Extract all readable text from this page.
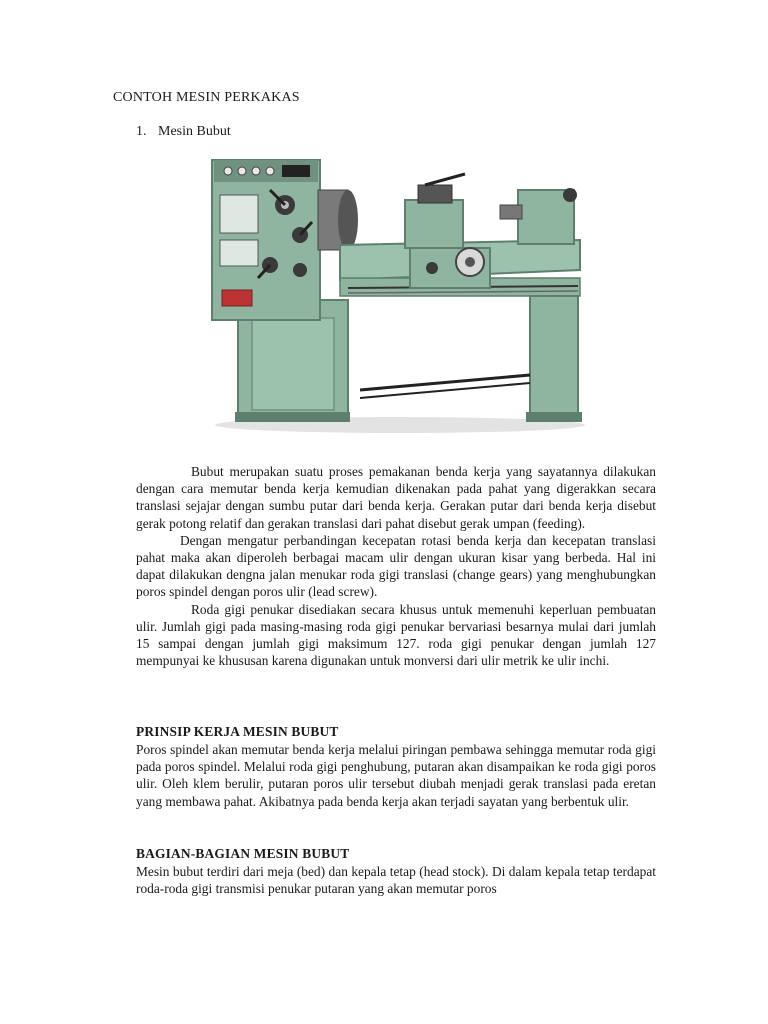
CONTOH MESIN PERKAKAS
1. Mesin Bubut

Bubut merupakan suatu proses pemakanan benda kerja yang sayatannya dilakukan dengan cara memutar benda kerja kemudian dikenakan pada pahat yang digerakkan secara translasi sejajar dengan sumbu putar dari benda kerja. Gerakan putar dari benda kerja disebut gerak potong relatif dan gerakan translasi dari pahat disebut gerak umpan (feeding).

Dengan mengatur perbandingan kecepatan rotasi benda kerja dan kecepatan translasi pahat maka akan diperoleh berbagai macam ulir dengan ukuran kisar yang berbeda. Hal ini dapat dilakukan dengna jalan menukar roda gigi translasi (change gears) yang menghubungkan poros spindel dengan poros ulir (lead screw).

Roda gigi penukar disediakan secara khusus untuk memenuhi keperluan pembuatan ulir. Jumlah gigi pada masing-masing roda gigi penukar bervariasi besarnya mulai dari jumlah 15 sampai dengan jumlah gigi maksimum 127. roda gigi penukar dengan jumlah 127 mempunyai ke khususan karena digunakan untuk monversi dari ulir metrik ke ulir inchi.

PRINSIP KERJA MESIN BUBUT

Poros spindel akan memutar benda kerja melalui piringan pembawa sehingga memutar roda gigi pada poros spindel. Melalui roda gigi penghubung, putaran akan disampaikan ke roda gigi poros ulir. Oleh klem berulir, putaran poros ulir tersebut diubah menjadi gerak translasi pada eretan yang membawa pahat. Akibatnya pada benda kerja akan terjadi sayatan yang berbentuk ulir.

BAGIAN-BAGIAN MESIN BUBUT

Mesin bubut terdiri dari meja (bed) dan kepala tetap (head stock). Di dalam kepala tetap terdapat roda-roda gigi transmisi penukar putaran yang akan memutar poros
